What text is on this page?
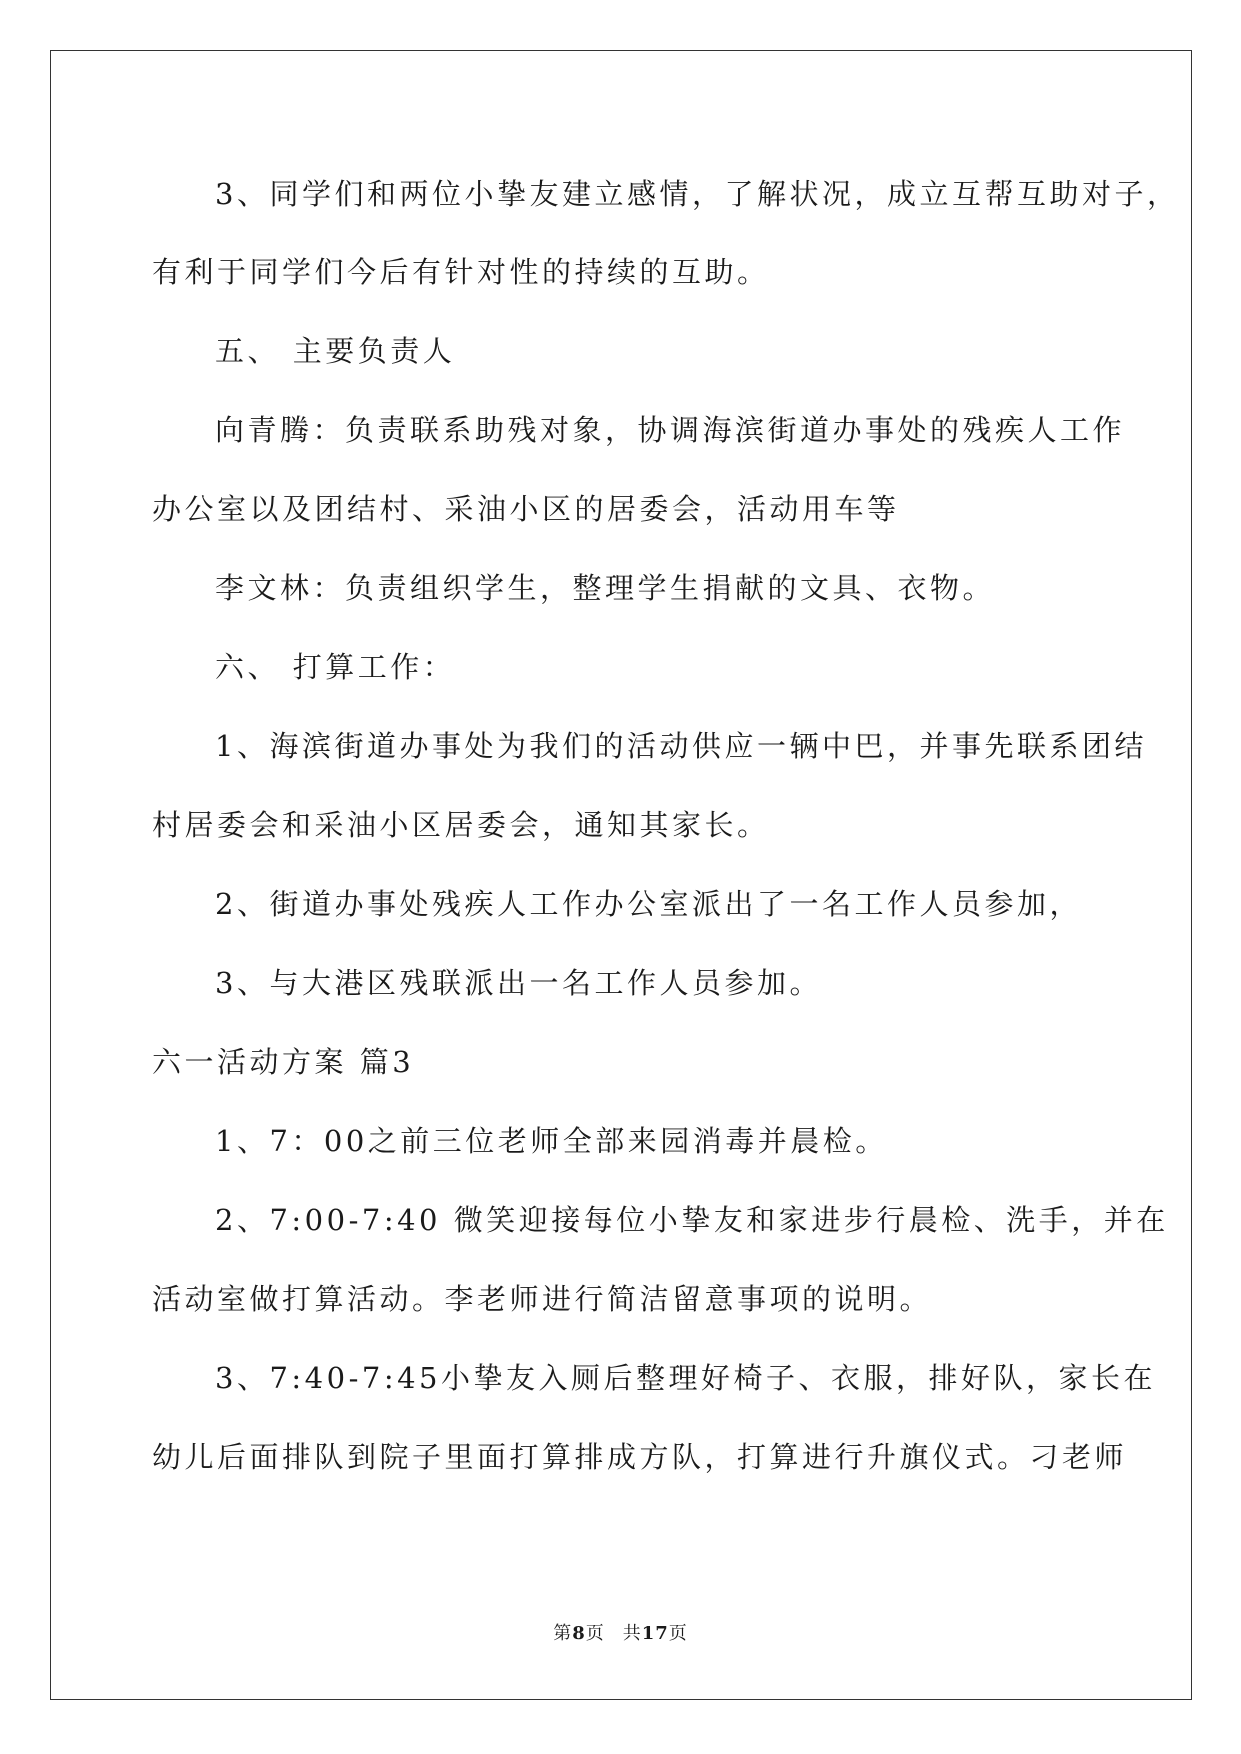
3、同学们和两位小挚友建立感情，了解状况，成立互帮互助对子，
有利于同学们今后有针对性的持续的互助。
五、 主要负责人
向青腾：负责联系助残对象，协调海滨街道办事处的残疾人工作
办公室以及团结村、采油小区的居委会，活动用车等
李文林：负责组织学生，整理学生捐献的文具、衣物。
六、 打算工作：
1、海滨街道办事处为我们的活动供应一辆中巴，并事先联系团结
村居委会和采油小区居委会，通知其家长。
2、街道办事处残疾人工作办公室派出了一名工作人员参加，
3、与大港区残联派出一名工作人员参加。
六一活动方案 篇3
1、7：00之前三位老师全部来园消毒并晨检。
2、7:00-7:40 微笑迎接每位小挚友和家进步行晨检、洗手，并在
活动室做打算活动。李老师进行简洁留意事项的说明。
3、7:40-7:45小挚友入厕后整理好椅子、衣服，排好队，家长在
幼儿后面排队到院子里面打算排成方队，打算进行升旗仪式。刁老师
第8页 共17页
